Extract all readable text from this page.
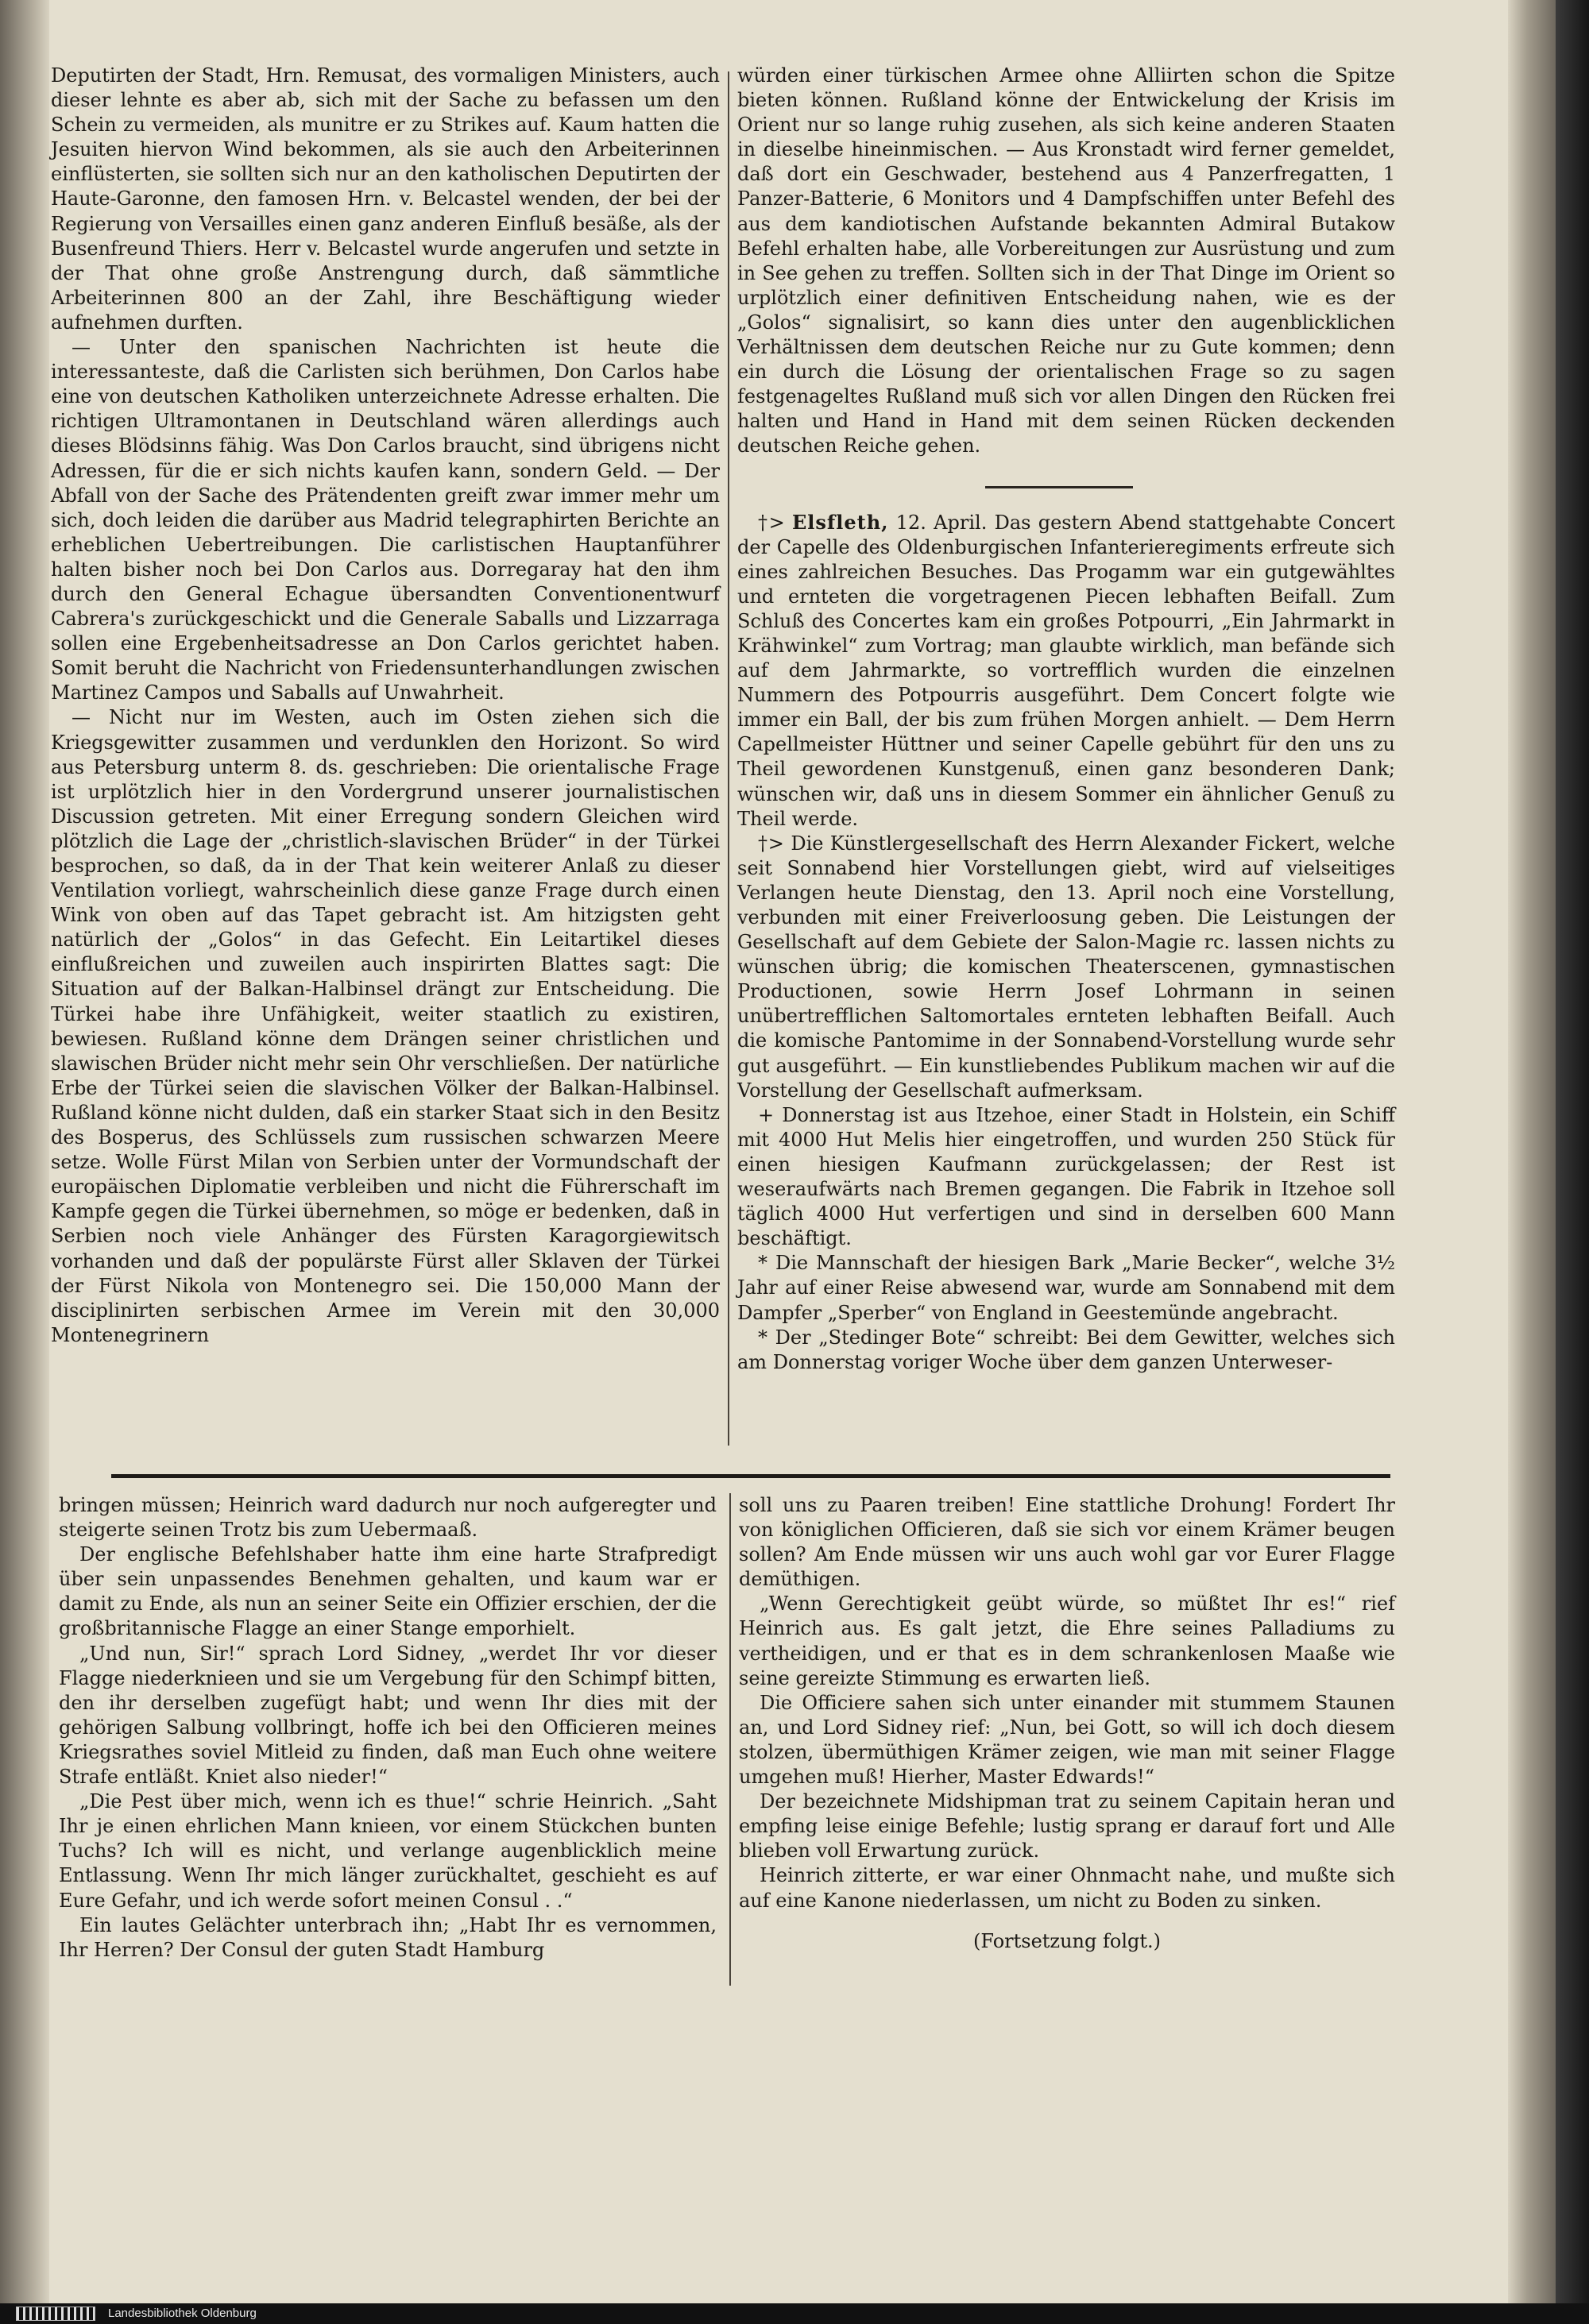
Deputirten der Stadt, Hrn. Remusat, des vormaligen Ministers, auch dieser lehnte es aber ab, sich mit der Sache zu befassen um den Schein zu vermeiden, als munitre er zu Strikes auf. Kaum hatten die Jesuiten hiervon Wind bekommen, als sie auch den Arbeiterinnen einflüsterten, sie sollten sich nur an den katholischen Deputirten der Haute-Garonne, den famosen Hrn. v. Belcastel wenden, der bei der Regierung von Versailles einen ganz anderen Einfluß besäße, als der Busenfreund Thiers. Herr v. Belcastel wurde angerufen und setzte in der That ohne große Anstrengung durch, daß sämmtliche Arbeiterinnen 800 an der Zahl, ihre Beschäftigung wieder aufnehmen durften.

— Unter den spanischen Nachrichten ist heute die interessanteste, daß die Carlisten sich berühmen, Don Carlos habe eine von deutschen Katholiken unterzeichnete Adresse erhalten. Die richtigen Ultramontanen in Deutschland wären allerdings auch dieses Blödsinns fähig. Was Don Carlos braucht, sind übrigens nicht Adressen, für die er sich nichts kaufen kann, sondern Geld. — Der Abfall von der Sache des Prätendenten greift zwar immer mehr um sich, doch leiden die darüber aus Madrid telegraphirten Berichte an erheblichen Uebertreibungen. Die carlistischen Hauptanführer halten bisher noch bei Don Carlos aus. Dorregaray hat den ihm durch den General Echague übersandten Conventionentwurf Cabrera's zurückgeschickt und die Generale Saballs und Lizzarraga sollen eine Ergebenheitsadresse an Don Carlos gerichtet haben. Somit beruht die Nachricht von Friedensunterhandlungen zwischen Martinez Campos und Saballs auf Unwahrheit.

— Nicht nur im Westen, auch im Osten ziehen sich die Kriegsgewitter zusammen und verdunklen den Horizont. So wird aus Petersburg unterm 8. ds. geschrieben: Die orientalische Frage ist urplötzlich hier in den Vordergrund unserer journalistischen Discussion getreten. Mit einer Erregung sondern Gleichen wird plötzlich die Lage der „christlich-slavischen Brüder“ in der Türkei besprochen, so daß, da in der That kein weiterer Anlaß zu dieser Ventilation vorliegt, wahrscheinlich diese ganze Frage durch einen Wink von oben auf das Tapet gebracht ist. Am hitzigsten geht natürlich der „Golos“ in das Gefecht. Ein Leitartikel dieses einflußreichen und zuweilen auch inspirirten Blattes sagt: Die Situation auf der Balkan-Halbinsel drängt zur Entscheidung. Die Türkei habe ihre Unfähigkeit, weiter staatlich zu existiren, bewiesen. Rußland könne dem Drängen seiner christlichen und slawischen Brüder nicht mehr sein Ohr verschließen. Der natürliche Erbe der Türkei seien die slavischen Völker der Balkan-Halbinsel. Rußland könne nicht dulden, daß ein starker Staat sich in den Besitz des Bosperus, des Schlüssels zum russischen schwarzen Meere setze. Wolle Fürst Milan von Serbien unter der Vormundschaft der europäischen Diplomatie verbleiben und nicht die Führerschaft im Kampfe gegen die Türkei übernehmen, so möge er bedenken, daß in Serbien noch viele Anhänger des Fürsten Karagorgiewitsch vorhanden und daß der populärste Fürst aller Sklaven der Türkei der Fürst Nikola von Montenegro sei. Die 150,000 Mann der disciplinirten serbischen Armee im Verein mit den 30,000 Montenegrinern

würden einer türkischen Armee ohne Alliirten schon die Spitze bieten können. Rußland könne der Entwickelung der Krisis im Orient nur so lange ruhig zusehen, als sich keine anderen Staaten in dieselbe hineinmischen. — Aus Kronstadt wird ferner gemeldet, daß dort ein Geschwader, bestehend aus 4 Panzerfregatten, 1 Panzer-Batterie, 6 Monitors und 4 Dampfschiffen unter Befehl des aus dem kandiotischen Aufstande bekannten Admiral Butakow Befehl erhalten habe, alle Vorbereitungen zur Ausrüstung und zum in See gehen zu treffen. Sollten sich in der That Dinge im Orient so urplötzlich einer definitiven Entscheidung nahen, wie es der „Golos“ signalisirt, so kann dies unter den augenblicklichen Verhältnissen dem deutschen Reiche nur zu Gute kommen; denn ein durch die Lösung der orientalischen Frage so zu sagen festgenageltes Rußland muß sich vor allen Dingen den Rücken frei halten und Hand in Hand mit dem seinen Rücken deckenden deutschen Reiche gehen.

†> Elsfleth, 12. April. Das gestern Abend stattgehabte Concert der Capelle des Oldenburgischen Infanterieregiments erfreute sich eines zahlreichen Besuches. Das Progamm war ein gutgewähltes und ernteten die vorgetragenen Piecen lebhaften Beifall. Zum Schluß des Concertes kam ein großes Potpourri, „Ein Jahrmarkt in Krähwinkel“ zum Vortrag; man glaubte wirklich, man befände sich auf dem Jahrmarkte, so vortrefflich wurden die einzelnen Nummern des Potpourris ausgeführt. Dem Concert folgte wie immer ein Ball, der bis zum frühen Morgen anhielt. — Dem Herrn Capellmeister Hüttner und seiner Capelle gebührt für den uns zu Theil gewordenen Kunstgenuß, einen ganz besonderen Dank; wünschen wir, daß uns in diesem Sommer ein ähnlicher Genuß zu Theil werde.

†> Die Künstlergesellschaft des Herrn Alexander Fickert, welche seit Sonnabend hier Vorstellungen giebt, wird auf vielseitiges Verlangen heute Dienstag, den 13. April noch eine Vorstellung, verbunden mit einer Freiverloosung geben. Die Leistungen der Gesellschaft auf dem Gebiete der Salon-Magie rc. lassen nichts zu wünschen übrig; die komischen Theaterscenen, gymnastischen Productionen, sowie Herrn Josef Lohrmann in seinen unübertrefflichen Saltomortales ernteten lebhaften Beifall. Auch die komische Pantomime in der Sonnabend-Vorstellung wurde sehr gut ausgeführt. — Ein kunstliebendes Publikum machen wir auf die Vorstellung der Gesellschaft aufmerksam.

+ Donnerstag ist aus Itzehoe, einer Stadt in Holstein, ein Schiff mit 4000 Hut Melis hier eingetroffen, und wurden 250 Stück für einen hiesigen Kaufmann zurückgelassen; der Rest ist weseraufwärts nach Bremen gegangen. Die Fabrik in Itzehoe soll täglich 4000 Hut verfertigen und sind in derselben 600 Mann beschäftigt.

* Die Mannschaft der hiesigen Bark „Marie Becker“, welche 3½ Jahr auf einer Reise abwesend war, wurde am Sonnabend mit dem Dampfer „Sperber“ von England in Geestemünde angebracht.

* Der „Stedinger Bote“ schreibt: Bei dem Gewitter, welches sich am Donnerstag voriger Woche über dem ganzen Unterweser-

bringen müssen; Heinrich ward dadurch nur noch aufgeregter und steigerte seinen Trotz bis zum Uebermaaß.

Der englische Befehlshaber hatte ihm eine harte Strafpredigt über sein unpassendes Benehmen gehalten, und kaum war er damit zu Ende, als nun an seiner Seite ein Offizier erschien, der die großbritannische Flagge an einer Stange emporhielt.

„Und nun, Sir!“ sprach Lord Sidney, „werdet Ihr vor dieser Flagge niederknieen und sie um Vergebung für den Schimpf bitten, den ihr derselben zugefügt habt; und wenn Ihr dies mit der gehörigen Salbung vollbringt, hoffe ich bei den Officieren meines Kriegsrathes soviel Mitleid zu finden, daß man Euch ohne weitere Strafe entläßt. Kniet also nieder!“

„Die Pest über mich, wenn ich es thue!“ schrie Heinrich. „Saht Ihr je einen ehrlichen Mann knieen, vor einem Stückchen bunten Tuchs? Ich will es nicht, und verlange augenblicklich meine Entlassung. Wenn Ihr mich länger zurückhaltet, geschieht es auf Eure Gefahr, und ich werde sofort meinen Consul . .“

Ein lautes Gelächter unterbrach ihn; „Habt Ihr es vernommen, Ihr Herren? Der Consul der guten Stadt Hamburg

soll uns zu Paaren treiben! Eine stattliche Drohung! Fordert Ihr von königlichen Officieren, daß sie sich vor einem Krämer beugen sollen? Am Ende müssen wir uns auch wohl gar vor Eurer Flagge demüthigen.

„Wenn Gerechtigkeit geübt würde, so müßtet Ihr es!“ rief Heinrich aus. Es galt jetzt, die Ehre seines Palladiums zu vertheidigen, und er that es in dem schrankenlosen Maaße wie seine gereizte Stimmung es erwarten ließ.

Die Officiere sahen sich unter einander mit stummem Staunen an, und Lord Sidney rief: „Nun, bei Gott, so will ich doch diesem stolzen, übermüthigen Krämer zeigen, wie man mit seiner Flagge umgehen muß! Hierher, Master Edwards!“

Der bezeichnete Midshipman trat zu seinem Capitain heran und empfing leise einige Befehle; lustig sprang er darauf fort und Alle blieben voll Erwartung zurück.

Heinrich zitterte, er war einer Ohnmacht nahe, und mußte sich auf eine Kanone niederlassen, um nicht zu Boden zu sinken.

(Fortsetzung folgt.)

Landesbibliothek Oldenburg
